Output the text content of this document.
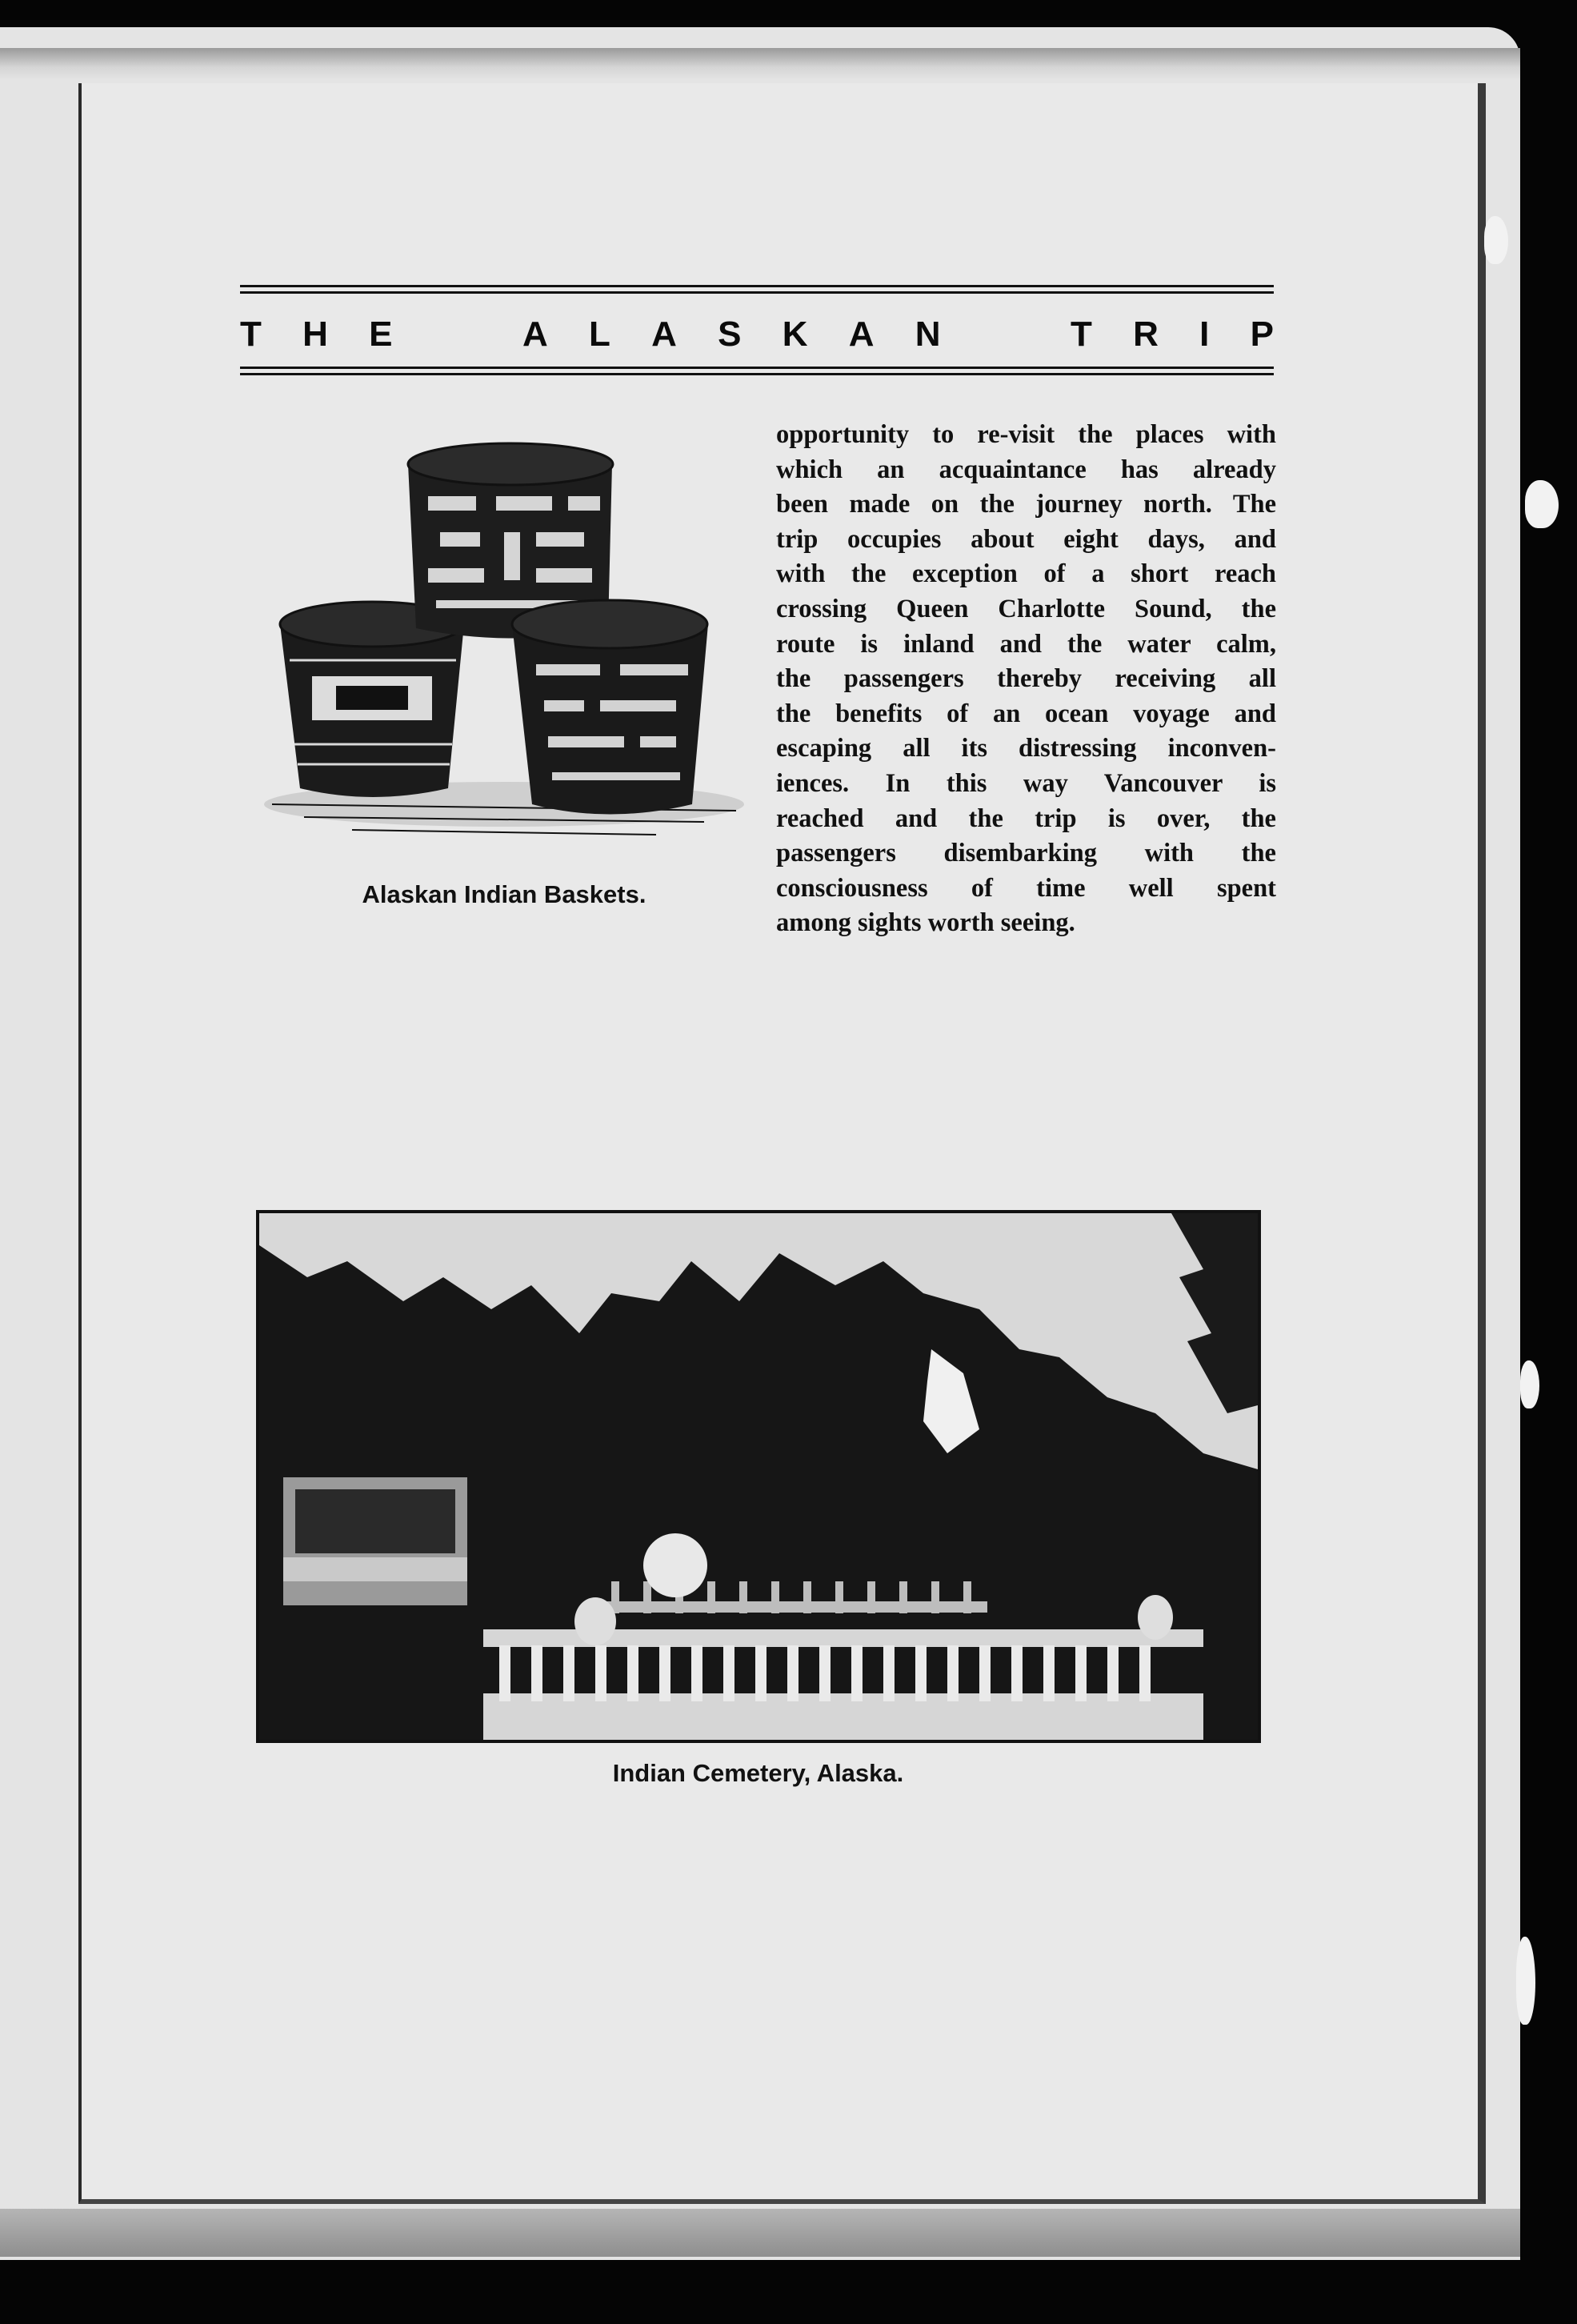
T H E	A L A S K A N	T R I P
Alaskan Indian Baskets.
opportunity to re-visit the places with
which an acquaintance has already
been made on the journey north. The
trip occupies about eight days, and
with the exception of a short reach
crossing Queen Charlotte Sound, the
route is inland and the water calm,
the passengers thereby receiving all
the benefits of an ocean voyage and
escaping all its distressing inconven-
iences. In this way Vancouver is
reached and the trip is over, the
passengers disembarking with the
consciousness of time well spent
among sights worth seeing.
Indian Cemetery, Alaska.
